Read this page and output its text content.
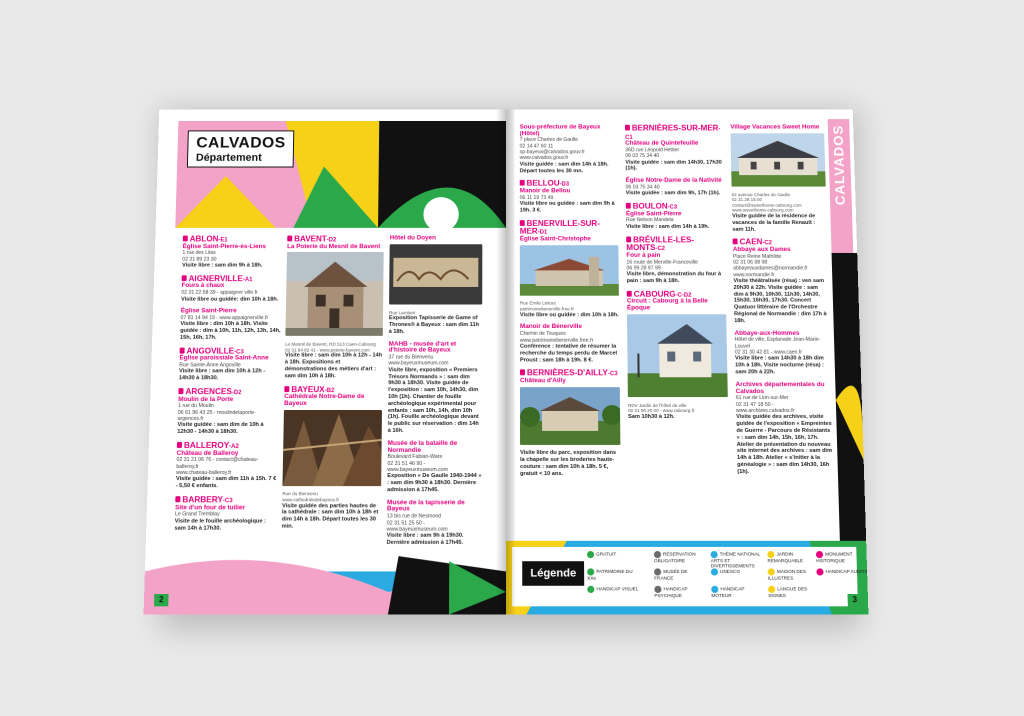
CALVADOS
Département
ABLON-E1
Église Saint-Pierre-ès-Liens
1 rue des Lilas
02 31 89 23 30
Visite libre : sam dim 9h à 18h.
AIGNERVILLE-A1
Fours à chaux
02 31 22 58 39 - appaigner ville.fr
Visite libre ou guidée: dim 10h à 18h.
Église Saint-Pierre
07 81 14 94 19 - www.appaignerville.fr
Visite libre : dim 10h à 18h. Visite guidée : dim à 10h, 11h, 12h, 13h, 14h, 15h, 16h, 17h.
ANGOVILLE-C3
Église paroissiale Saint-Anne
Rue Sainte-Anne Angoville
Visite libre : sam dim 10h à 12h - 14h30 à 18h30.
ARGENCES-D2
Moulin de la Porte
1 rue du Moulin
06 61 96 43 25 - moulindelaporte-argences.fr
Visite guidée : sam dim de 10h à 12h30 - 14h30 à 18h30.
BALLEROY-A2
Château de Balleroy
02 31 21 06 76 - contact@chateau-balleroy.fr
www.chateau-balleroy.fr
Visite guidée : sam dim 11h à 15h. 7 € - 5,50 € enfants.
BARBERY-C3
Site d'un four de tuilier
Le Grand Tremblay
Visite de le fouille archéologique : sam 14h à 17h30.
BAVENT-D2
La Poterie du Mesnil de Bavent
Le Mesnil de Bavent, RD 513 Caen-Cabourg
02 31 84 82 41 - www.poterie-bavent.com
Visite libre : sam dim 10h à 12h - 14h à 18h. Expositions et démonstrations des métiers d'art : sam dim 10h à 18h.
BAYEUX-B2
Cathédrale Notre-Dame de Bayeux
Rue du Bienvenu
www.cathedraledebayeux.fr
Visite guidée des parties hautes de la cathédrale : sam dim 10h à 18h et dim 14h à 18h. Départ toutes les 30 min.
Hôtel du Doyen
Rue Lambert
Exposition Tapisserie de Game of Thrones® à Bayeux : sam dim 11h à 18h.
MAHB - musée d'art et d'histoire de Bayeux
37 rue du Bienvenu
www.bayeuxmuseum.com
Visite libre, exposition « Premiers Trésors Normands » : sam dim 9h30 à 18h30. Visite guidée de l'exposition : sam 10h, 14h30, dim 10h (1h). Chantier de fouille archéologique expérimental pour enfants : sam 10h, 14h, dim 10h (1h). Fouille archéologique devant le public sur réservation : dim 14h à 16h.
Musée de la bataille de Normandie
Boulevard Fabian-Ware
02 31 51 46 90 - www.bayeuxmuseum.com
Exposition « De Gaulle 1940-1944 » : sam dim 9h30 à 18h30. Dernière admission à 17h45.
Musée de la tapisserie de Bayeux
13 bis rue de Nesmond
02 31 51 25 50 - www.bayeuxmuseum.com
Visite libre : sam 9h à 19h30. Dernière admission à 17h45.
2
CALVADOS
Sous-préfecture de Bayeux (Hôtel)
7 place Charles de Gaulle
02 14 47 60 11
sp-bayeux@calvados.gouv.fr
www.calvados.gouv.fr
Visite guidée : sam dim 14h à 18h. Départ toutes les 30 mn.
BELLOU-D3
Manoir de Bellou
06 11 19 73 49
Visite libre ou guidée : sam dim 9h à 19h. 3 €.
BENERVILLE-SUR-MER-D1
Église Saint-Christophe
Rue Emile Liétout
patrimoinebenerville.free.fr
Visite libre ou guidée : dim 10h à 18h.
Manoir de Bénerville
Chemin de Touques
www.patrimoinebenerville.free.fr
Conférence : tentative de résumer la recherche du temps perdu de Marcel Proust : sam 18h à 19h. 8 €.
BERNIÈRES-D'AILLY-C3
Château d'Ailly
Visite libre du parc, exposition dans la chapelle sur les broderies haute-couture : sam dim 10h à 18h. 5 €, gratuit < 10 ans.
BERNIÈRES-SUR-MER-C1
Château de Quintefeuille
36D rue Léopold Hettier
06 03 75 34 40
Visite guidée : sam dim 14h30, 17h30 (1h).
Église Notre-Dame de la Nativité
06 03 75 34 40
Visite guidée : sam dim 9h, 17h (1h).
BOULON-C3
Église Saint-Pierre
Rue Nelson Mandela
Visite libre : sam dim 14h à 19h.
BRÉVILLE-LES-MONTS-C2
Four à pain
16 route de Merville-Franceville
06 99 28 97 99
Visite libre, démonstration du four à pain : sam 9h à 18h.
CABOURG-C-D2
Circuit : Cabourg à la Belle Époque
RDV Jardin de l'hôtel de ville
02 31 06 20 00 - www.cabourg.fr
Sam 10h30 à 12h.
Village Vacances Sweet Home
62 avenue Charles de Gaulle
02 31 28 15 00
contact@sweethome-cabourg.com
www.sweethome-cabourg.com
Visite guidée de la résidence de vacances de la famille Renault : sam 11h.
CAEN-C2
Abbaye aux Dames
Place Reine Mathilde
02 31 06 98 98
abbayeauxdames@normandie.fr
www.normandie.fr
Visite théâtralisée (résa) : ven sam 20h30 à 22h. Visite guidée : sam dim à 9h30, 10h30, 11h30, 14h30, 15h30, 16h30, 17h30. Concert Quatuor littéraire de l'Orchestre Régional de Normandie : dim 17h à 18h.
Abbaye-aux-Hommes
Hôtel de ville, Esplanade Jean-Marie-Louvel
02 31 30 42 81 - www.caen.fr
Visite libre : sam 14h30 à 18h dim 10h à 18h. Visite nocturne (résa) : sam 20h à 22h.
Archives départementales du Calvados
61 rue de Lion-sur-Mer
02 31 47 18 50 - www.archives.calvados.fr
Visite guidée des archives, visite guidée de l'exposition « Empreintes de Guerre - Parcours de Résistants » : sam dim 14h, 15h, 16h, 17h. Atelier de présentation du nouveau site internet des archives : sam dim 14h à 18h. Atelier « s'initier à la généalogie » : sam dim 14h30, 16h (1h).
Légende
GRATUIT	RÉSERVATION OBLIGATOIRE
THÈME NATIONAL ARTS ET DIVERTISSEMENTS
JARDIN REMARQUABLE
MONUMENT HISTORIQUE
PATRIMOINE DU XXe
MUSÉE DE FRANCE
UNESCO	MAISON DES ILLUSTRES
HANDICAP AUDITIF
HANDICAP VISUEL	HANDICAP PSYCHIQUE
HANDICAP MOTEUR
LANGUE DES SIGNES	3
